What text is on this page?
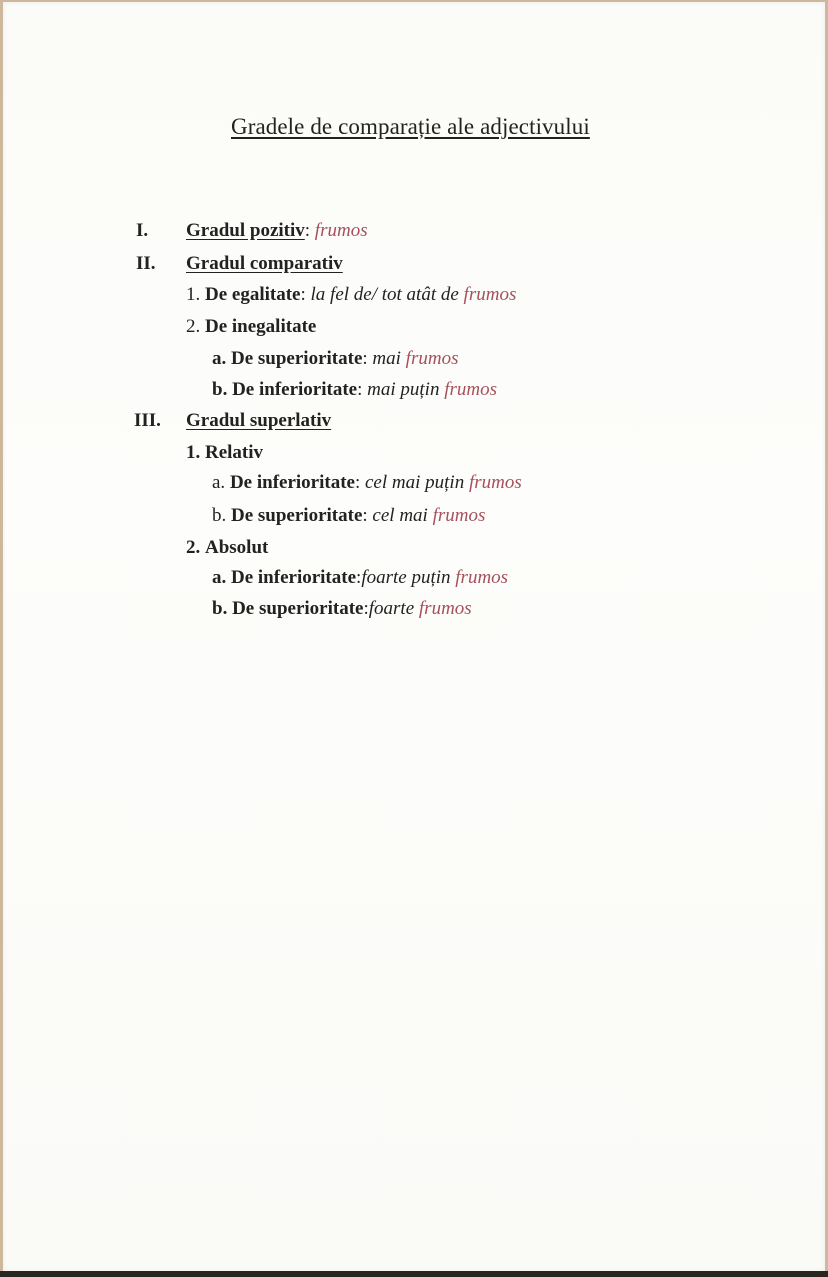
Gradele de comparație ale adjectivului
I. Gradul pozitiv: frumos
II. Gradul comparativ
1. De egalitate: la fel de/ tot atât de frumos
2. De inegalitate
a. De superioritate: mai frumos
b. De inferioritate: mai puțin frumos
III. Gradul superlativ
1. Relativ
a. De inferioritate: cel mai puțin frumos
b. De superioritate: cel mai frumos
2. Absolut
a. De inferioritate:foarte puțin frumos
b. De superioritate:foarte frumos
